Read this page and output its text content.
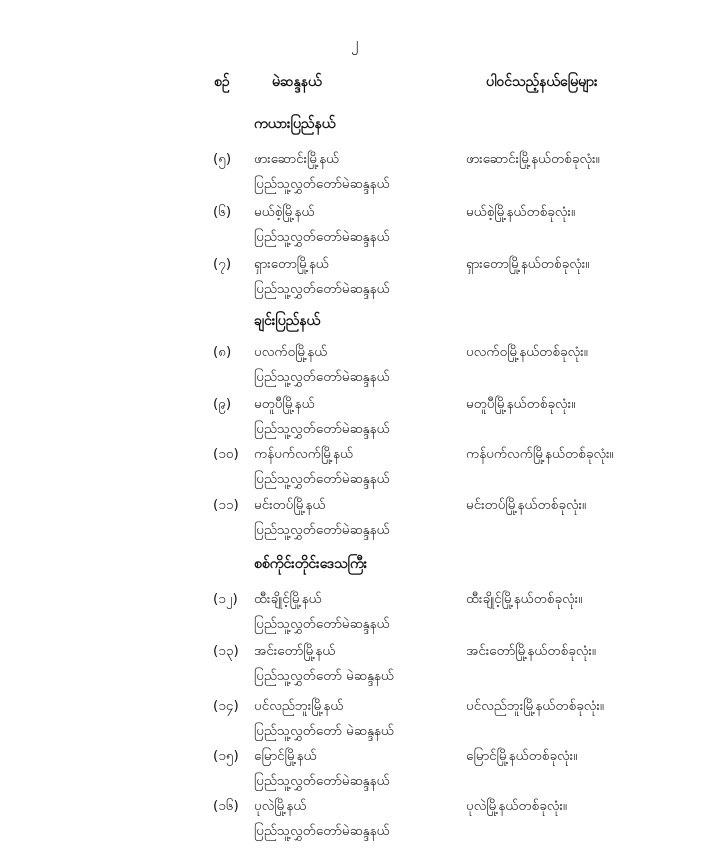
၂
စဉ်	မဲဆန္ဒနယ်	ပါဝင်သည့်နယ်မြေများ
ကယားပြည်နယ်
(၅) ဖားဆောင်းမြို့နယ်
ပြည်သူ့လွှတ်တော်မဲဆန္ဒနယ်
ဖားဆောင်းမြို့နယ်တစ်ခုလုံး။
(၆) မယ်စဲ့မြို့နယ်
ပြည်သူ့လွှတ်တော်မဲဆန္ဒနယ်
မယ်စဲ့မြို့နယ်တစ်ခုလုံး။
(၇) ရှားတောမြို့နယ်
ပြည်သူ့လွှတ်တော်မဲဆန္ဒနယ်
ရှားတောမြို့နယ်တစ်ခုလုံး။
ချင်းပြည်နယ်
(၈) ပလက်ဝမြို့နယ်
ပြည်သူ့လွှတ်တော်မဲဆန္ဒနယ်
ပလက်ဝမြို့နယ်တစ်ခုလုံး။
(၉) မတူပီမြို့နယ်
ပြည်သူ့လွှတ်တော်မဲဆန္ဒနယ်
မတူပီမြို့နယ်တစ်ခုလုံး။
(၁၀) ကန်ပက်လက်မြို့နယ်
ပြည်သူ့လွှတ်တော်မဲဆန္ဒနယ်
ကန်ပက်လက်မြို့နယ်တစ်ခုလုံး။
(၁၁) မင်းတပ်မြို့နယ်
ပြည်သူ့လွှတ်တော်မဲဆန္ဒနယ်
မင်းတပ်မြို့နယ်တစ်ခုလုံး။
စစ်ကိုင်းတိုင်းဒေသကြီး
(၁၂) ထီးချိုင့်မြို့နယ်
ပြည်သူ့လွှတ်တော်မဲဆန္ဒနယ်
ထီးချိုင့်မြို့နယ်တစ်ခုလုံး။
(၁၃) အင်းတော်မြို့နယ်
ပြည်သူ့လွှတ်တော် မဲဆန္ဒနယ်
အင်းတော်မြို့နယ်တစ်ခုလုံး။
(၁၄) ပင်လည်ဘူးမြို့နယ်
ပြည်သူ့လွှတ်တော် မဲဆန္ဒနယ်
ပင်လည်ဘူးမြို့နယ်တစ်ခုလုံး။
(၁၅) မြောင်မြို့နယ်
ပြည်သူ့လွှတ်တော်မဲဆန္ဒနယ်
မြောင်မြို့နယ်တစ်ခုလုံး။
(၁၆) ပုလဲမြို့နယ်
ပြည်သူ့လွှတ်တော်မဲဆန္ဒနယ်
ပုလဲမြို့နယ်တစ်ခုလုံး။
